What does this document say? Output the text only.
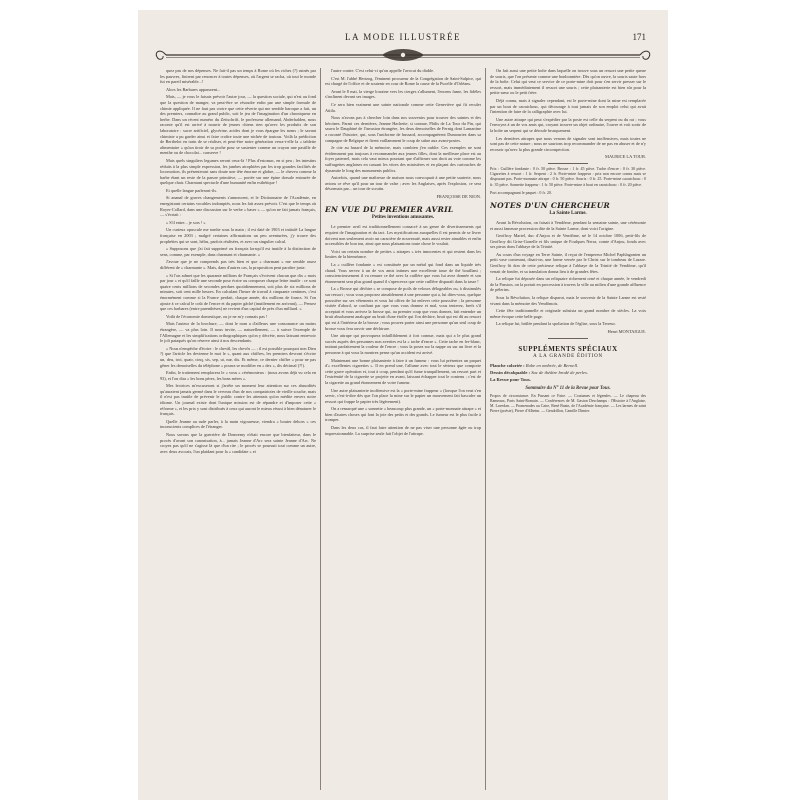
LA MODE ILLUSTRÉE	171

quez pas de nos dépenses. Ne fait-il pas un temps à Rome où les riches (?) ruinés par les pauvres, finirent par renoncer à toutes dépenses, où l'argent se racha, où tout le monde fut en pareil misérable...!

Alors les Barbares apparurent...

Mais, — je vous le faisais prévoir l'autre jour, — la question sociale, qui n'est au fond que la question de manger, va peut-être se résoudre enfin par une simple formule de chimie appliquée. Il ne faut pas croire que cette rêverie qui me semble baroque a fait, un des premiers, connaître au grand public, soit le jeu de l'imagination d'un chroniqueur en herbe. Dans un récent numéro du Zeitschrift, le professeur allemand, Abderhalden, nous raconte qu'il est arrivé à nourrir de jeunes chiens rien qu'avec les produits de son laboratoire : sucre artificiel, glycérine, acides dont je vous épargne les noms ; le savant chimiste a pu garder ainsi et faire croître toute une nichée de toutous. Voilà la prédiction de Berthelot en train de se réaliser, et peut-être notre génération verra-t-elle la « tablette alimentaire » qu'un tiroir de sa poche pour se sustenter comme un crayon une pastille de menthe ou de chocolat... conserve !

Mais quels singuliers legumes seront ceux-là ! Plus d'estomac, en si peu ; les intestins réduits à la plus simple expression, les jambes atrophiées par les trop grandes facilités de locomotion, ils présenteront sans doute une tête énorme et glabre, — le cheveu comme la barbe étant un reste de la parure primitive, — portée sur une épine dorsale entourée de quelque chair. Charmant spectacle d'une humanité enfin esthétique !

Et quelle langue parleront-ils.

Si ananal de graves changements s'annoncent, et le Dictionnaire de l'Académie, en enregistrant certains vocables indomptés, nous les fait assez prévoir. C'est que le temps où Royer-Collard, dans une discussion sur le verbe « baser » — qu'on ne fait jamais français, — s'écriait :

« S'il entre... je sors ! »

Un curieux opuscule me tombe sous la main ; il est daté de 1903 et intitulé La langue française en 2003 ; malgré certaines affirmations un peu aventurées, j'y trouve des prophéties qui se sont, hélas, parfois réalisées, et avec un singulier calcul.

« Supposons que j'ai fait supprimé ou français lorsqu'il est inutile à la distinction de sens, comme, par exemple, dans charmant et charmante. »

J'avoue que je ne comprends pas très bien et que « charmant » me semble assez différent de « charmante ». Mais, dans d'autres cas, la proposition peut paraître juste.

« Si l'on admet que les quarante millions de Français s'écrivent chacun que dix « mots par jour » et qu'il faille une seconde pour écrire ou composer chaque lettre inutile : ce sont quatre cents millions de secondes perdues quotidiennement, soit plus de six millions de minutes, soit cent mille heures. En calculant l'heure de travail à cinquante centimes, c'est énormément comme si la France perdait, chaque année, dix millions de francs. Si l'on ajoute à ce calcul le coût de l'encre et du papier gâché (inutilement en arrivant), — Pensez que ces barbares (entre parenthèses) ne revient d'un capital de près d'un milliard. »

Voilà de l'économie domestique, ou je ne m'y connais pas !

Mais l'auteur de la brochure, — dont le nom a d'ailleurs une consonance un moins étrangère, — va plus loin. Il nous invite, — naturellement, — à suivre l'exemple de l'Allemagne et les simplifications orthographiques qu'on y décrète, nous laissant entrevoir le joli pataquès qu'on réserve ainsi à nos descendants.

« Nous n'empêche d'écrire : le chevâl, les chevôs — ; il est possible pourquoi non Dieu ?) que l'article les devienne le mot le », quant aux chiffres, les premiers devront s'écrire un, deu, troi, quatr, cinq, sis, sep, ut, nœ, dis. Et même, ce dernier chiffre « pour ne pas gêner les demoiselles du téléphone » pourra se modifier en « dex », dis décimal (?!).

Enfin, le traitement remplacera le « vous » cérémonieux : (nous avons déjà vu cela en 93), et l'on dira « les bons pères, les bons mères ».

Mes lectrices m'excuseront si j'arrête un moment leur attention sur ces absurdités qu'auraient jamais germé dans le cerveau d'un de nos compatriotes de vieille souche, mais il n'est pas inutile de prévenir le public contre les attentats qu'on médite envers notre idiome. Un journal existe dont l'unique mission est de répandre et d'imposer cette « réforme », et les prix y sont distribués à ceux qui auront le mieux réussi à bien dénaturer le français.

Quelle Jeanne au rude parler, à la main vigoureuse, viendra « bouter dehors » ces inconscients complices de l'étranger.

Nous savons que la guerrière de Domremy n'était encore que bienfaiteur, dans le procès d'avant son canonisation, à... jamais Jeanne d'Arc sera sainte Jeanne d'Arc. Ne croyez pas qu'il ne s'agisse là que d'un rite ; le procès se poursuit tout comme un autre, avec deux avocats, l'un plaidant pour la « candidate » et

l'autre contre. C'est celui-ci qu'on appelle l'avocat du diable.

C'est M. l'abbé Hertzog, l'éminent procureur de la Congrégation de Saint-Sulpice, qui est chargé de l'office et de soutenir en cour de Rome la cause de la Pucelle d'Orléans.

Avant le 8 mai, la vierge lorraine vers les cierges s'allument, l'encens fume, les fidèles s'inclinent devant ses images.

Ce sera bien vraiment une sainte nationale comme cette Geneviève qui fit reculer Attila.

Nous n'avons pas à chercher loin dans nos souvenirs pour trouver des saintes et des héroïnes. Parmi ces dernières, Jeanne Hachette, si connue, Philis de La Tour du Pin, qui sauva le Dauphiné de l'invasion étrangère, les deux demoiselles de Fernig dont Lamartine a raconté l'histoire, qui, sous l'uniforme de hussard, accompagnèrent Dumouriez dans sa campagne de Belgique et firent vaillamment le coup de sabre aux avant-postes.

Je cite au hasard de la mémoire, mais combien j'en oublie. Ces exemples ne sont évidemment pas toujours à recommander aux jeunes filles, dont la meilleure place est au foyer paternel, mais cela vaut mieux pourtant que d'affirmer son droit au vote comme les suffragettes anglaises en cassant les vitres des ministères et en plaçant des cartouches de dynamite le long des monuments publics.

Autrefois, quand une maîtresse de maison nous convoquait à une petite sauterie, nous avions ce rêve qu'il pour un tour de valse ; avec les Anglaises, après l'explosion, ce sera désormais par... un tour de scrutin.

FRANÇOISE DE NION.
EN VUE DU PREMIER AVRIL
Petites inventions amusantes.

Le premier avril est traditionnellement consacré à un genre de divertissements qui requiert de l'imagination et du tact. Les mystifications auxquelles il est permis de se livrer doivent non seulement avoir un caractère de nouveauté, mais aussi rester aimables et enfin accessibles de bon ton, ainsi que nous plaisantons toute chose le voulait.

Voici un certain nombre de petites « attrapes » très innocentes et qui restent dans les limites de la bienséance.

La « cuillère fondante » est constituée par un métal qui fond dans un liquide très chaud. Vous servez à un de vos amis intimes une excellente tasse de thé bouillant ; consciencieusement il va remuer ce thé avec la cuillère que vous lui avez donnée et son étonnement sera plus grand quand il s'apercevra que cette cuillère disparaît dans la tasse !

La « Brosse qui déchire » se compose de poils de velours délogeables ou, à dissimulés sur ressort ; vous vous proposez aimablement à une personne qui a, lui dites-vous, quelque poussière sur ses vêtements et vous lui offrez de lui enlever cette poussière ; la personne visitée d'abord, se confiant par que vous vous donnez et mal, vous tenterez, brefs s'il acceptait et vous arrivez la brosse qui, au premier coup que vous donnez, fait entendre un bruit absolument analogue au bruit d'une étoffe qui l'on déchire, bruit qui est dû au ressort qui est à l'intérieur de la brosse ; vous pouvez parier ainsi une personne qu'un seul coup de brosse vous fera ouvrir une déchirure.

Une attrape qui provoquera infailliblement à fort connue, mais qui a le plus grand succès auprès des personnes non averties est la « tache d'encre ». Cette tache en fer-blanc, imitant parfaitement la couleur de l'encre ; vous la posez sur la nappe ou sur un livre et la personne à qui vous la montrez pense qu'un accident est arrivé.

Maintenant une bonne plaisanterie à faire à un fumeur : vous lui présentez un paquet d'« excellentes cigarettes ». Il en prend une, l'allume avec tout le sérieux que comporte cette grave opération et, tout à coup, pendant qu'il fume tranquillement, un ressort part et l'extrémité de la cigarette se projette en avant, laissant échapper tout le contenu ; c'est de la cigarette au grand étonnement de votre fumeur.

Une autre plaisanterie inoffensive est la « porte-mine frappeur » (lorsque l'on veut s'en servir, c'est-à-dire dès que l'on place la mine sur le papier un mouvement fait basculer un ressort qui frappe le papier très légèrement).

On a remarqué une « sonnette » beaucoup plus grande, un « porte-monnaie attrape » et bien d'autres choses qui font la joie des petits et des grands. Le fumeur est le plus facile à tromper.

Dans les deux cas, il faut faire attention de ne pas viser une personne âgée ou trop impressionnable. La surprise seule fait l'objet de l'attrape.

On fait aussi une petite boîte dans laquelle on trouve sous un ressort une petite queue de souris, que l'on présente comme une bonbonnière. Dès qu'on ouvre, la souris saute hors de la boîte. Celui qui veut ce service de ce porte-mine doit pour s'en servir presser sur le ressort, mais immédiatement il ressort une souris ; cette plaisanterie est bien sûr pour la petite sœur ou le petit frère.

Déjà connu, mais à signaler cependant, est le porte-mine dont la mine est remplacée par un bout de caoutchouc, qui décourage à tout jamais de son emploi celui qui avait l'intention de faire de la calligraphie avec lui.

Une autre attrape qui peut s'expédier par la poste est celle du serpent ou du rat ; vous l'envoyez à un de vos amis qui, croyant trouver un objet ordinaire, l'ouvre et voit sortir de la boîte un serpent qui se déroule brusquement.

Les dernières attrapes que nous venons de signaler sont inoffensives, mais toutes ne sont pas de cette nature ; nous ne saurions trop recommander de ne pas en abuser et de n'y recourir qu'avec la plus grande circonspection.

MAURICE LA TOUR.
Prix : Cuillère fondante : 0 fr. 50 pièce. Brosse : 1 fr. 45 pièce. Tache d'encre : 0 fr. 30 pièce. Cigarettes à ressort : 1 fr. Serpent : 2 fr. Porte-mine frappeur : prix non encore connu mais se disposant pas. Porte-monnaie attrape : 0 fr. 50 pièce. Souris : 0 fr. 25. Porte-mine caoutchouc : 0 fr. 35 pièce. Sonnette frappeur : 1 fr. 50 pièce. Porte-mine à bout en caoutchouc : 0 fr. 20 pièce.
Port accompagnant le paquet : 0 fr. 20.
NOTES D'UN CHERCHEUR
La Sainte Larme.

Avant la Révolution, on faisait à Vendôme, pendant la semaine sainte, une cérémonie et aussi fameuse procession dite de la Sainte Larme, dont voici l'origine.

Geoffroy Martel, duc d'Anjou et de Vendôme, né le 14 octobre 1006, petit-fils de Geoffroy dit Grise-Gonelle et fils unique de Foulques Nerra, comte d'Anjou, fonda avec ses pieux dons l'abbaye de la Trinité.

Au cours d'un voyage en Terre Sainte, il reçut de l'empereur Michel Paphlagonien un petit vase contenant, disait-on, une larme versée par le Christ sur le tombeau de Lazare. Geoffroy fit don de cette précieuse relique à l'abbaye de la Trinité de Vendôme, qu'il venait de fonder, et sa translation donna lieu à de grandes fêtes.

La relique fut déposée dans un reliquaire richement orné et chaque année, le vendredi de la Passion, on la portait en procession à travers la ville au milieu d'une grande affluence de pèlerins.

Sous la Révolution, la relique disparut, mais le souvenir de la Sainte Larme est resté vivant dans la mémoire des Vendômois.

Cette fête traditionnelle et originale subsista un grand nombre de siècles. La voix même évoque cette belle page.

La relique fut, brûlée pendant la spoliation de l'église, sous la Terreur.

Henri MONTAIGUE.
SUPPLÉMENTS SPÉCIAUX
A LA GRANDE ÉDITION
Planche coloriée : Robe en ombrée, de Bernell.
Dessin décalquable : Sac de théâtre brodé de perles.
La Revue pour Tous.
Sommaire du N° 11 de la Revue pour Tous.
Propos de circonstance. En Passant ce Faire. — Coutumes et légendes. — Le chapeau des Rameaux, Paris Saint-Romain. — Conférences de M. Gaston Deschamps : l'Histoire à l'Anglaise, M. Lavedan. — Promenades au Caire, René Bazin, de l'Académie française. — Les larmes de saint Pierre (poésie), Pierre d'Alheim. — Gendrillon, Camille Dimier.
